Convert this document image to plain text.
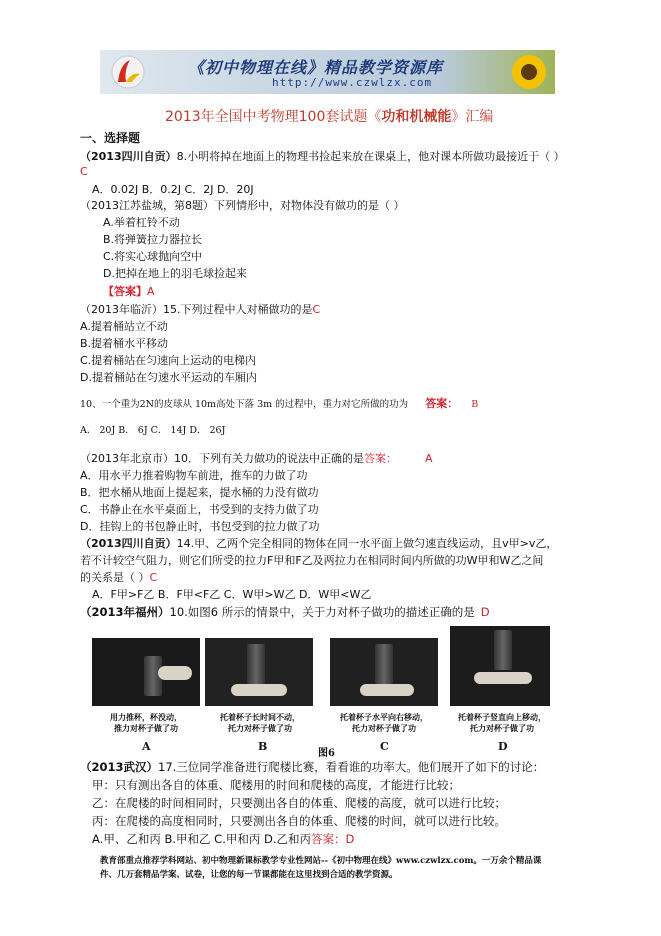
《初中物理在线》精品教学资源库
http://www.czwlzx.com
2013年全国中考物理100套试题《功和机械能》汇编
一、选择题
（2013四川自贡）8.小明将掉在地面上的物理书捡起来放在课桌上，他对课本所做功最接近于（ ）
C
A．0.02J B．0.2J C．2J D．20J
（2013江苏盐城，第8题）下列情形中，对物体没有做功的是（ ）
A.举着杠铃不动
B.将弹簧拉力器拉长
C.将实心球抛向空中
D.把掉在地上的羽毛球捡起来
【答案】A
（2013年临沂）15.下列过程中人对桶做功的是C
A.提着桶站立不动
B.提着桶水平移动
C.提着桶站在匀速向上运动的电梯内
D.提着桶站在匀速水平运动的车厢内
10、一个重为2N的皮球从 10m高处下落 3m 的过程中，重力对它所做的功为 答案： B
A． 20J B． 6J C． 14J D． 26J
（2013年北京市）10．下列有关力做功的说法中正确的是答案：	A
A．用水平力推着购物车前进，推车的力做了功
B．把水桶从地面上提起来，提水桶的力没有做功
C．书静止在水平桌面上，书受到的支持力做了功
D．挂钩上的书包静止时，书包受到的拉力做了功
（2013四川自贡）14.甲、乙两个完全相同的物体在同一水平面上做匀速直线运动，且v甲>v乙，
若不计较空气阻力，则它们所受的拉力F甲和F乙及两拉力在相同时间内所做的功W甲和W乙之间
的关系是（ ）C
A．F甲>F乙 B．F甲<F乙 C．W甲>W乙 D．W甲<W乙
（2013年福州）10.如图6 所示的情景中，关于力对杯子做功的描述正确的是 D
用力推杯，杯没动，
推力对杯子做了功
托着杯子长时间不动，
托力对杯子做了功
托着杯子水平向右移动，
托力对杯子做了功
托着杯子竖直向上移动，
托力对杯子做了功
A	B	C	D
图6
（2013武汉）17.三位同学准备进行爬楼比赛，看看谁的功率大。他们展开了如下的讨论：
甲：只有测出各自的体重、爬楼用的时间和爬楼的高度，才能进行比较；
乙：在爬楼的时间相同时，只要测出各自的体重、爬楼的高度，就可以进行比较；
丙：在爬楼的高度相同时，只要测出各自的体重、爬楼的时间，就可以进行比较。
A.甲、乙和丙 B.甲和乙 C.甲和丙 D.乙和丙答案：D
教育部重点推荐学科网站、初中物理新课标教学专业性网站--《初中物理在线》www.czwlzx.com。一万余个精品课
件、几万套精品学案、试卷，让您的每一节课都能在这里找到合适的教学资源。
